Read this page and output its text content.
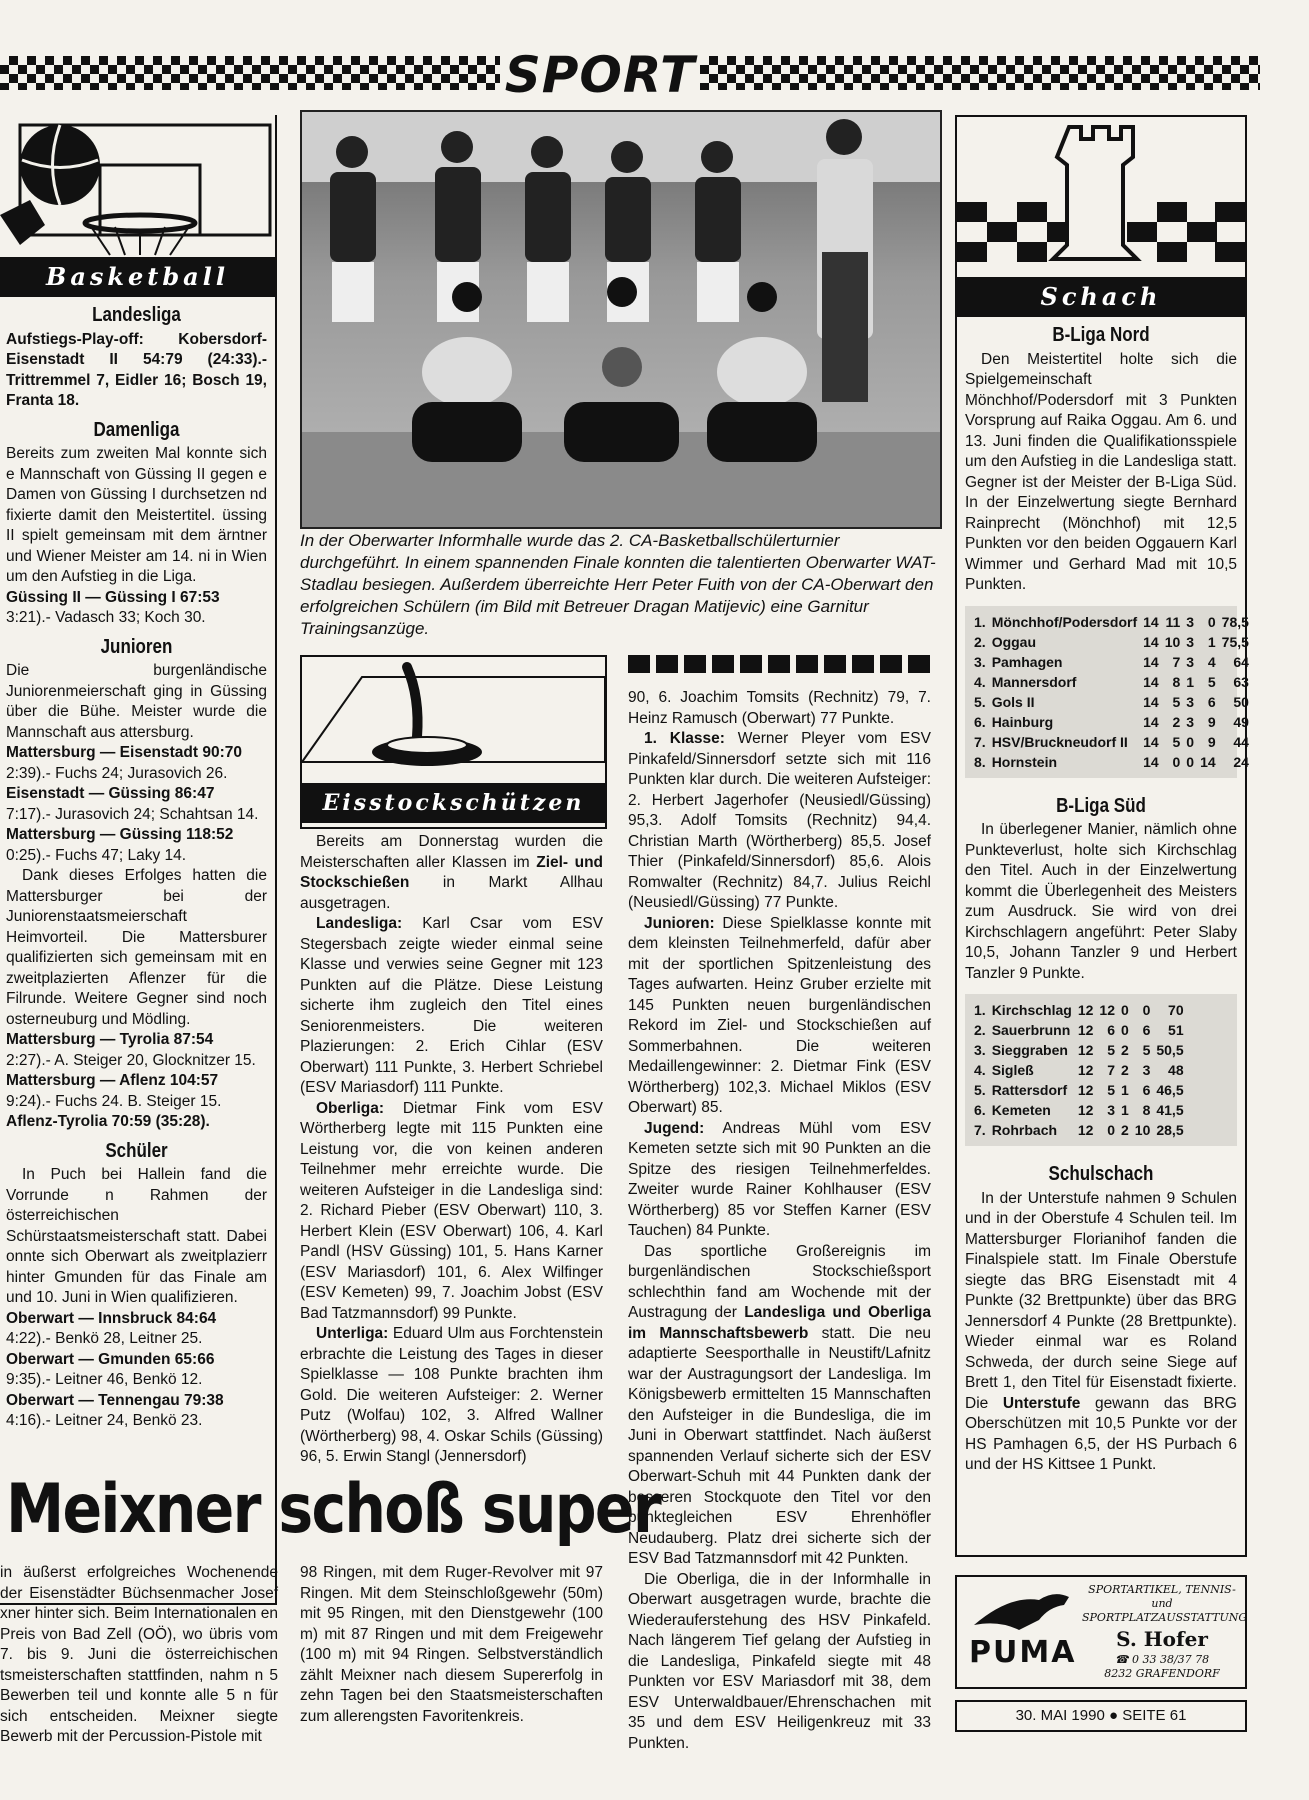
SPORT
Basketball
Landesliga

Aufstiegs-Play-off: Kobersdorf-Eisenstadt II 54:79 (24:33).- Trittremmel 7, Eidler 16; Bosch 19, Franta 18.

Damenliga

Bereits zum zweiten Mal konnte sich e Mannschaft von Güssing II gegen e Damen von Güssing I durchsetzen nd fixierte damit den Meistertitel. üssing II spielt gemeinsam mit dem ärntner und Wiener Meister am 14. ni in Wien um den Aufstieg in die Liga.

Güssing II — Güssing I 67:53

3:21).- Vadasch 33; Koch 30.

Junioren

Die burgenländische Juniorenmeierschaft ging in Güssing über die Bühe. Meister wurde die Mannschaft aus attersburg.

Mattersburg — Eisenstadt 90:70

2:39).- Fuchs 24; Jurasovich 26.

Eisenstadt — Güssing 86:47

7:17).- Jurasovich 24; Schahtsan 14.

Mattersburg — Güssing 118:52

0:25).- Fuchs 47; Laky 14.

Dank dieses Erfolges hatten die Mattersburger bei der Juniorenstaatsmeierschaft Heimvorteil. Die Mattersburer qualifizierten sich gemeinsam mit en zweitplazierten Aflenzer für die Filrunde. Weitere Gegner sind noch osterneuburg und Mödling.

Mattersburg — Tyrolia 87:54

2:27).- A. Steiger 20, Glocknitzer 15.

Mattersburg — Aflenz 104:57

9:24).- Fuchs 24. B. Steiger 15.

Aflenz-Tyrolia 70:59 (35:28).

Schüler

In Puch bei Hallein fand die Vorrunde n Rahmen der österreichischen Schürstaatsmeisterschaft statt. Dabei onnte sich Oberwart als zweitplazierr hinter Gmunden für das Finale am und 10. Juni in Wien qualifizieren.

Oberwart — Innsbruck 84:64

4:22).- Benkö 28, Leitner 25.

Oberwart — Gmunden 65:66

9:35).- Leitner 46, Benkö 12.

Oberwart — Tennengau 79:38

4:16).- Leitner 24, Benkö 23.

In der Oberwarter Informhalle wurde das 2. CA-Basketballschülerturnier durchgeführt. In einem spannenden Finale konnten die talentierten Oberwarter WAT-Stadlau besiegen. Außerdem überreichte Herr Peter Fuith von der CA-Oberwart den erfolgreichen Schülern (im Bild mit Betreuer Dragan Matijevic) eine Garnitur Trainingsanzüge.
Eisstockschützen

Bereits am Donnerstag wurden die Meisterschaften aller Klassen im Ziel- und Stockschießen in Markt Allhau ausgetragen.

Landesliga: Karl Csar vom ESV Stegersbach zeigte wieder einmal seine Klasse und verwies seine Gegner mit 123 Punkten auf die Plätze. Diese Leistung sicherte ihm zugleich den Titel eines Seniorenmeisters. Die weiteren Plazierungen: 2. Erich Cihlar (ESV Oberwart) 111 Punkte, 3. Herbert Schriebel (ESV Mariasdorf) 111 Punkte.

Oberliga: Dietmar Fink vom ESV Wörtherberg legte mit 115 Punkten eine Leistung vor, die von keinen anderen Teilnehmer mehr erreichte wurde. Die weiteren Aufsteiger in die Landesliga sind: 2. Richard Pieber (ESV Oberwart) 110, 3. Herbert Klein (ESV Oberwart) 106, 4. Karl Pandl (HSV Güssing) 101, 5. Hans Karner (ESV Mariasdorf) 101, 6. Alex Wilfinger (ESV Kemeten) 99, 7. Joachim Jobst (ESV Bad Tatzmannsdorf) 99 Punkte.

Unterliga: Eduard Ulm aus Forchtenstein erbrachte die Leistung des Tages in dieser Spielklasse — 108 Punkte brachten ihm Gold. Die weiteren Aufsteiger: 2. Werner Putz (Wolfau) 102, 3. Alfred Wallner (Wörtherberg) 98, 4. Oskar Schils (Güssing) 96, 5. Erwin Stangl (Jennersdorf)

90, 6. Joachim Tomsits (Rechnitz) 79, 7. Heinz Ramusch (Oberwart) 77 Punkte.

1. Klasse: Werner Pleyer vom ESV Pinkafeld/Sinnersdorf setzte sich mit 116 Punkten klar durch. Die weiteren Aufsteiger: 2. Herbert Jagerhofer (Neusiedl/Güssing) 95,3. Adolf Tomsits (Rechnitz) 94,4. Christian Marth (Wörtherberg) 85,5. Josef Thier (Pinkafeld/Sinnersdorf) 85,6. Alois Romwalter (Rechnitz) 84,7. Julius Reichl (Neusiedl/Güssing) 77 Punkte.

Junioren: Diese Spielklasse konnte mit dem kleinsten Teilnehmerfeld, dafür aber mit der sportlichen Spitzenleistung des Tages aufwarten. Heinz Gruber erzielte mit 145 Punkten neuen burgenländischen Rekord im Ziel- und Stockschießen auf Sommerbahnen. Die weiteren Medaillengewinner: 2. Dietmar Fink (ESV Wörtherberg) 102,3. Michael Miklos (ESV Oberwart) 85.

Jugend: Andreas Mühl vom ESV Kemeten setzte sich mit 90 Punkten an die Spitze des riesigen Teilnehmerfeldes. Zweiter wurde Rainer Kohlhauser (ESV Wörtherberg) 85 vor Steffen Karner (ESV Tauchen) 84 Punkte.

Das sportliche Großereignis im burgenländischen Stockschießsport schlechthin fand am Wochende mit der Austragung der Landesliga und Oberliga im Mannschaftsbewerb statt. Die neu adaptierte Seesporthalle in Neustift/Lafnitz war der Austragungsort der Landesliga. Im Königsbewerb ermittelten 15 Mannschaften den Aufsteiger in die Bundesliga, die im Juni in Oberwart stattfindet. Nach äußerst spannenden Verlauf sicherte sich der ESV Oberwart-Schuh mit 44 Punkten dank der besseren Stockquote den Titel vor den punktegleichen ESV Ehrenhöfler Neudauberg. Platz drei sicherte sich der ESV Bad Tatzmannsdorf mit 42 Punkten.

Die Oberliga, die in der Informhalle in Oberwart ausgetragen wurde, brachte die Wiederauferstehung des HSV Pinkafeld. Nach längerem Tief gelang der Aufstieg in die Landesliga, Pinkafeld siegte mit 48 Punkten vor ESV Mariasdorf mit 38, dem ESV Unterwaldbauer/Ehrenschachen mit 35 und dem ESV Heiligenkreuz mit 33 Punkten.

Meixner schoß super

in äußerst erfolgreiches Wochenende der Eisenstädter Büchsenmacher Josef xner hinter sich. Beim Internationalen en Preis von Bad Zell (OÖ), wo übris vom 7. bis 9. Juni die österreichischen tsmeisterschaften stattfinden, nahm n 5 Bewerben teil und konnte alle 5 n für sich entscheiden. Meixner siegte Bewerb mit der Percussion-Pistole mit

98 Ringen, mit dem Ruger-Revolver mit 97 Ringen. Mit dem Steinschloßgewehr (50m) mit 95 Ringen, mit den Dienstgewehr (100 m) mit 87 Ringen und mit dem Freigewehr (100 m) mit 94 Ringen. Selbstverständlich zählt Meixner nach diesem Supererfolg in zehn Tagen bei den Staatsmeisterschaften zum allerengsten Favoritenkreis.

Schach
B-Liga Nord

Den Meistertitel holte sich die Spielgemeinschaft Mönchhof/Podersdorf mit 3 Punkten Vorsprung auf Raika Oggau. Am 6. und 13. Juni finden die Qualifikationsspiele um den Aufstieg in die Landesliga statt. Gegner ist der Meister der B-Liga Süd. In der Einzelwertung siegte Bernhard Rainprecht (Mönchhof) mit 12,5 Punkten vor den beiden Oggauern Karl Wimmer und Gerhard Mad mit 10,5 Punkten.

1.	Mönchhof/Podersdorf	14	11	3	0	78,5
2.	Oggau	14	10	3	1	75,5
3.	Pamhagen	14	7	3	4	64
4.	Mannersdorf	14	8	1	5	63
5.	Gols II	14	5	3	6	50
6.	Hainburg	14	2	3	9	49
7.	HSV/Bruckneudorf II	14	5	0	9	44
8.	Hornstein	14	0	0	14	24
B-Liga Süd

In überlegener Manier, nämlich ohne Punkteverlust, holte sich Kirchschlag den Titel. Auch in der Einzelwertung kommt die Überlegenheit des Meisters zum Ausdruck. Sie wird von drei Kirchschlagern angeführt: Peter Slaby 10,5, Johann Tanzler 9 und Herbert Tanzler 9 Punkte.

1.	Kirchschlag	12	12	0	0	70
2.	Sauerbrunn	12	6	0	6	51
3.	Sieggraben	12	5	2	5	50,5
4.	Sigleß	12	7	2	3	48
5.	Rattersdorf	12	5	1	6	46,5
6.	Kemeten	12	3	1	8	41,5
7.	Rohrbach	12	0	2	10	28,5
Schulschach

In der Unterstufe nahmen 9 Schulen und in der Oberstufe 4 Schulen teil. Im Mattersburger Florianihof fanden die Finalspiele statt. Im Finale Oberstufe siegte das BRG Eisenstadt mit 4 Punkte (32 Brettpunkte) über das BRG Jennersdorf 4 Punkte (28 Brettpunkte). Wieder einmal war es Roland Schweda, der durch seine Siege auf Brett 1, den Titel für Eisenstadt fixierte. Die Unterstufe gewann das BRG Oberschützen mit 10,5 Punkte vor der HS Pamhagen 6,5, der HS Purbach 6 und der HS Kittsee 1 Punkt.

PUMA
SPORTARTIKEL, TENNIS-
und
SPORTPLATZAUSSTATTUNG
S. Hofer
☎ 0 33 38/37 78
8232 GRAFENDORF
30. MAI 1990 ● SEITE 61
